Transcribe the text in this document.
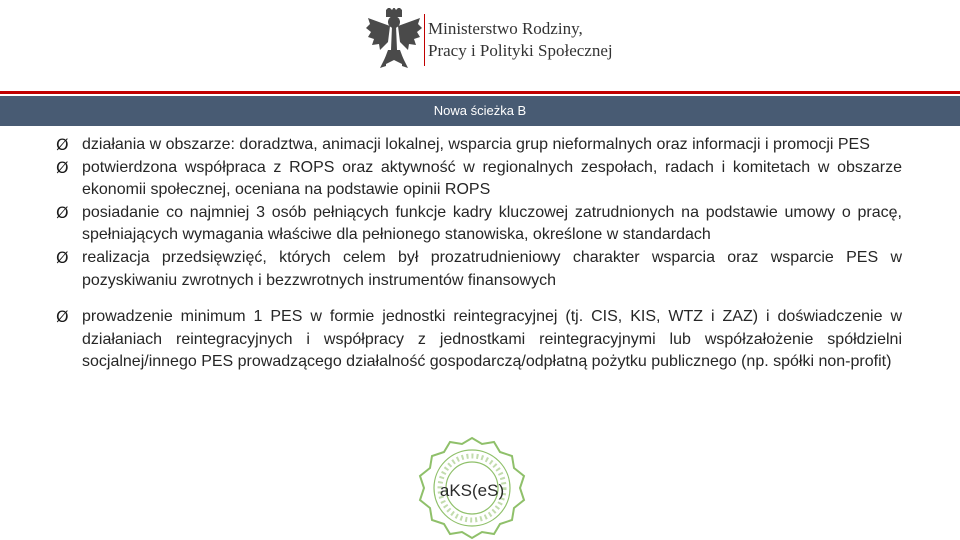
Ministerstwo Rodziny,
Pracy i Polityki Społecznej
Nowa ścieżka B
Ø działania w obszarze: doradztwa, animacji lokalnej, wsparcia grup nieformalnych oraz informacji i promocji PES
Ø potwierdzona współpraca z ROPS oraz aktywność w regionalnych zespołach, radach i komitetach w obszarze ekonomii społecznej, oceniana na podstawie opinii ROPS
Ø posiadanie co najmniej 3 osób pełniących funkcje kadry kluczowej zatrudnionych na podstawie umowy o pracę, spełniających wymagania właściwe dla pełnionego stanowiska, określone w standardach
Ø realizacja przedsięwzięć, których celem był prozatrudnieniowy charakter wsparcia oraz wsparcie PES w pozyskiwaniu zwrotnych i bezzwrotnych instrumentów finansowych
Ø prowadzenie minimum 1 PES w formie jednostki reintegracyjnej (tj. CIS, KIS, WTZ i ZAZ) i doświadczenie w działaniach reintegracyjnych i współpracy z jednostkami reintegracyjnymi lub współzałożenie spółdzielni socjalnej/innego PES prowadzącego działalność gospodarczą/odpłatną pożytku publicznego (np. spółki non-profit)
aKS(eS)
